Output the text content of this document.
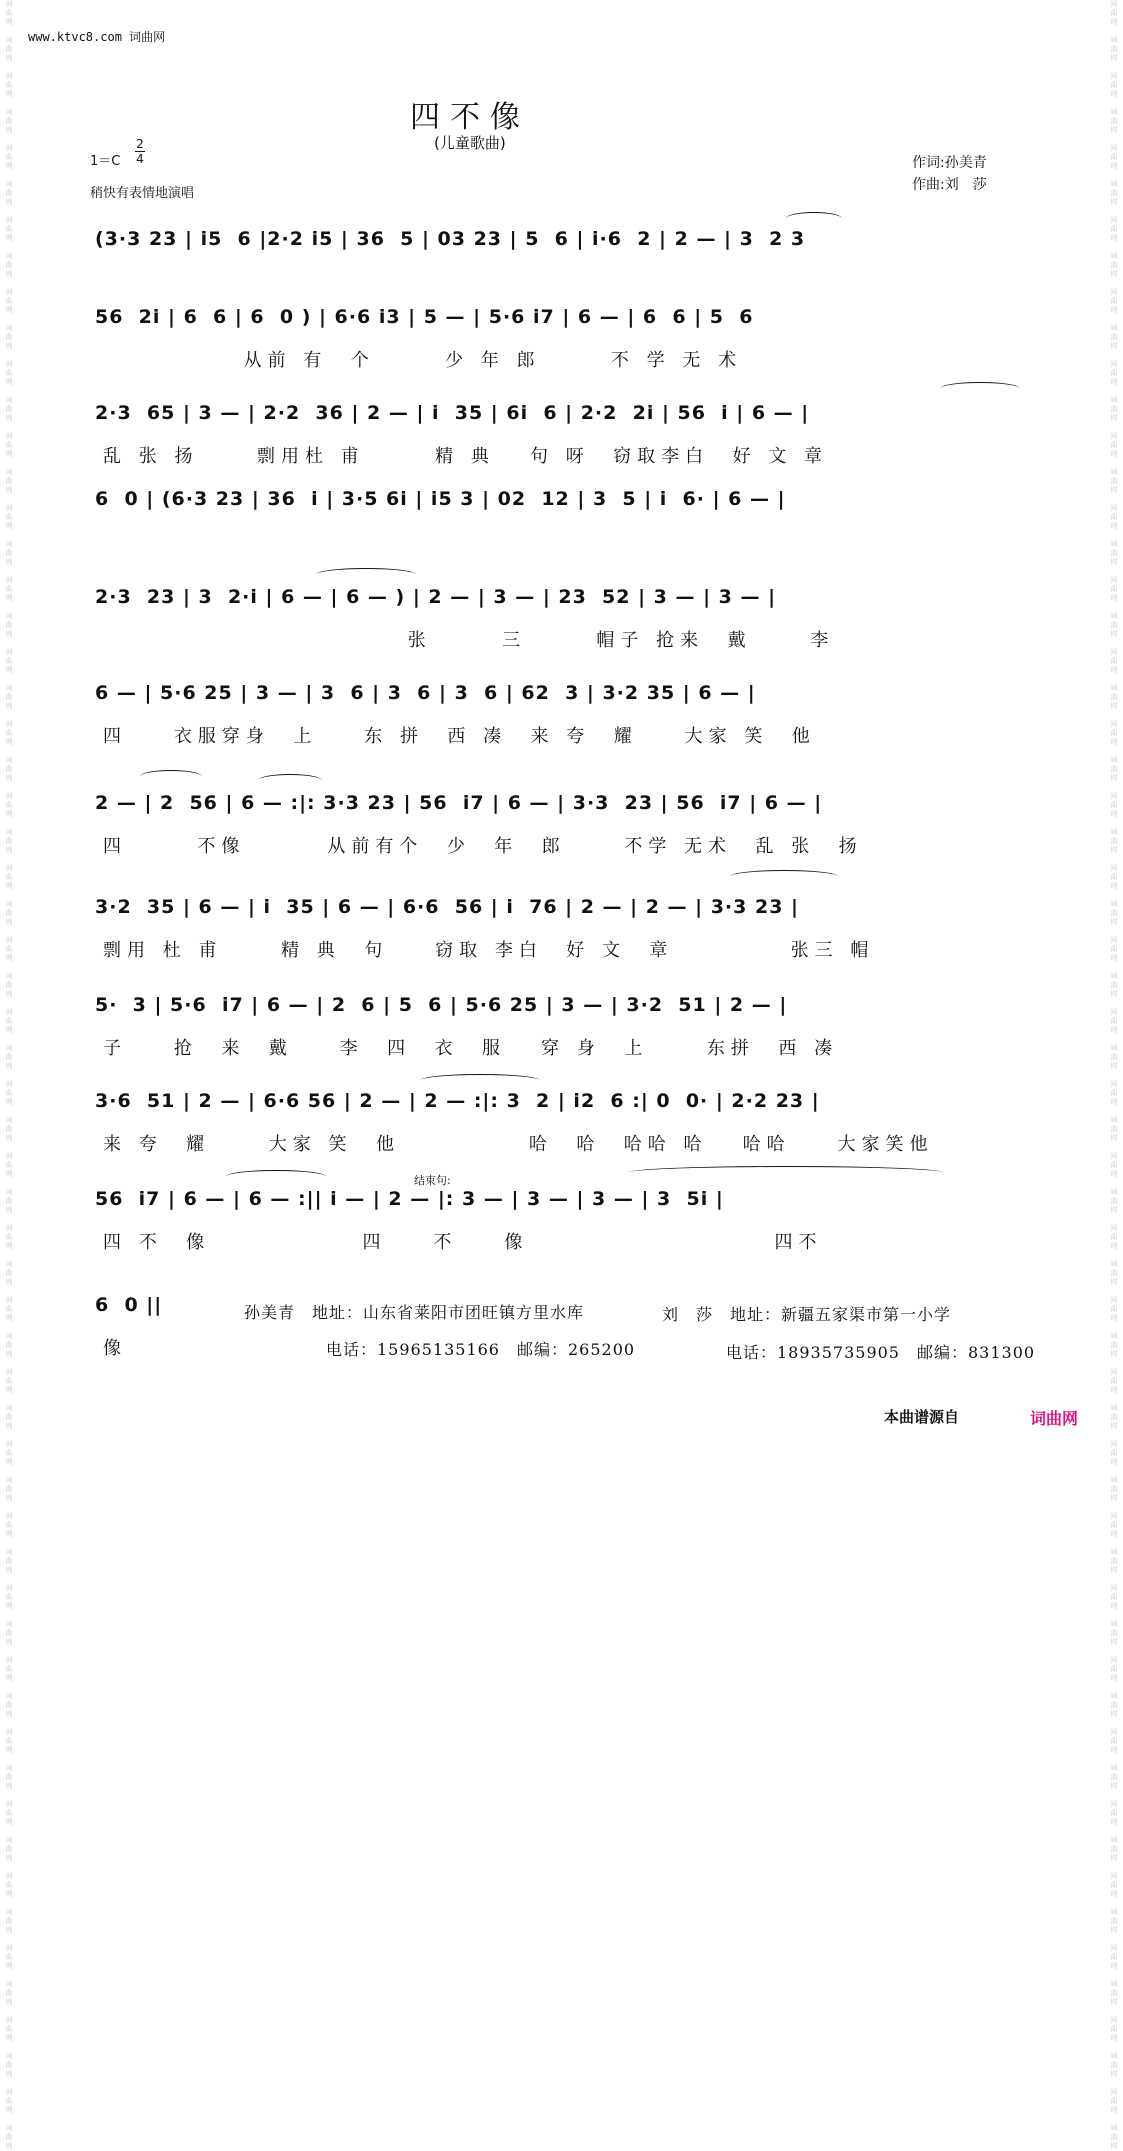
词
曲
网

词
曲
网

词
曲
网

词
曲
网

词
曲
网

词
曲
网

词
曲
网

词
曲
网

词
曲
网

词
曲
网

词
曲
网

词
曲
网

词
曲
网

词
曲
网

词
曲
网

词
曲
网

词
曲
网

词
曲
网

词
曲
网

词
曲
网

词
曲
网

词
曲
网

词
曲
网

词
曲
网

词
曲
网

词
曲
网

词
曲
网

词
曲
网

词
曲
网

词
曲
网

词
曲
网

词
曲
网

词
曲
网

词
曲
网

词
曲
网

词
曲
网

词
曲
网

词
曲
网

词
曲
网

词
曲
网

词
曲
网

词
曲
网

词
曲
网

词
曲
网

词
曲
网

词
曲
网

词
曲
网

词
曲
网

词
曲
网

词
曲
网

词
曲
网

词
曲
网

词
曲
网

词
曲
网

词
曲
网

词
曲
网

词
曲
网

词
曲
网

词
曲
网

词
曲
网
词
曲
网

词
曲
网

词
曲
网

词
曲
网

词
曲
网

词
曲
网

词
曲
网

词
曲
网

词
曲
网

词
曲
网

词
曲
网

词
曲
网

词
曲
网

词
曲
网

词
曲
网

词
曲
网

词
曲
网

词
曲
网

词
曲
网

词
曲
网

词
曲
网

词
曲
网

词
曲
网

词
曲
网

词
曲
网

词
曲
网

词
曲
网

词
曲
网

词
曲
网

词
曲
网

词
曲
网

词
曲
网

词
曲
网

词
曲
网

词
曲
网

词
曲
网

词
曲
网

词
曲
网

词
曲
网

词
曲
网

词
曲
网

词
曲
网

词
曲
网

词
曲
网

词
曲
网

词
曲
网

词
曲
网

词
曲
网

词
曲
网

词
曲
网

词
曲
网

词
曲
网

词
曲
网

词
曲
网

词
曲
网

词
曲
网

词
曲
网

词
曲
网

词
曲
网

词
曲
网
www.ktvc8.com 词曲网
四不像
(儿童歌曲)
1＝C
2
4
稍快有表情地演唱
作词:孙美青
作曲:刘　莎
(3·3 23 | i5  6 |2·2 i5 | 36  5 | 03 23 | 5  6 | i·6  2 | 2 — | 3  2 3
56  2i | 6  6 | 6  0 ) | 6·6 i3 | 5 — | 5·6 i7 | 6 — | 6  6 | 5  6
从前 有  个      少 年 郎      不 学 无 术
2·3  65 | 3 — | 2·2  36 | 2 — | i  35 | 6i  6 | 2·2  2i | 56  i | 6 — |
乱 张 扬     剽用杜 甫      精 典   句 呀  窃取李白  好 文 章
6  0 | (6·3 23 | 36  i | 3·5 6i | i5 3 | 02  12 | 3  5 | i  6· | 6 — |
2·3  23 | 3  2·i | 6 — | 6 — ) | 2 — | 3 — | 23  52 | 3 — | 3 — |
张      三      帽子 抢来  戴     李
6 — | 5·6 25 | 3 — | 3  6 | 3  6 | 3  6 | 62  3 | 3·2 35 | 6 — |
四    衣服穿身  上    东 拼  西 凑  来 夸  耀    大家 笑  他
2 — | 2  56 | 6 — :|: 3·3 23 | 56  i7 | 6 — | 3·3  23 | 56  i7 | 6 — |
四      不像       从前有个  少  年  郎     不学 无术  乱 张  扬
3·2  35 | 6 — | i  35 | 6 — | 6·6  56 | i  76 | 2 — | 2 — | 3·3 23 |
剽用 杜 甫     精 典  句    窃取 李白  好 文  章          张三 帽
5·  3 | 5·6  i7 | 6 — | 2  6 | 5  6 | 5·6 25 | 3 — | 3·2  51 | 2 — |
子    抢  来  戴    李  四  衣  服   穿 身  上     东拼  西 凑
3·6  51 | 2 — | 6·6 56 | 2 — | 2 — :|: 3  2 | i2  6 :| 0  0· | 2·2 23 |
来 夸  耀     大家 笑  他           哈  哈  哈哈 哈   哈哈    大家笑他
结束句:
56  i7 | 6 — | 6 — :|| i — | 2 — |: 3 — | 3 — | 3 — | 3  5i |
四 不  像             四    不    像                     四不
6  0 ||
像
孙美青　地址：山东省莱阳市团旺镇方里水库
电话：15965135166　邮编：265200
刘　莎　地址：新疆五家渠市第一小学
电话：18935735905　邮编：831300
本曲谱源自	词曲网
